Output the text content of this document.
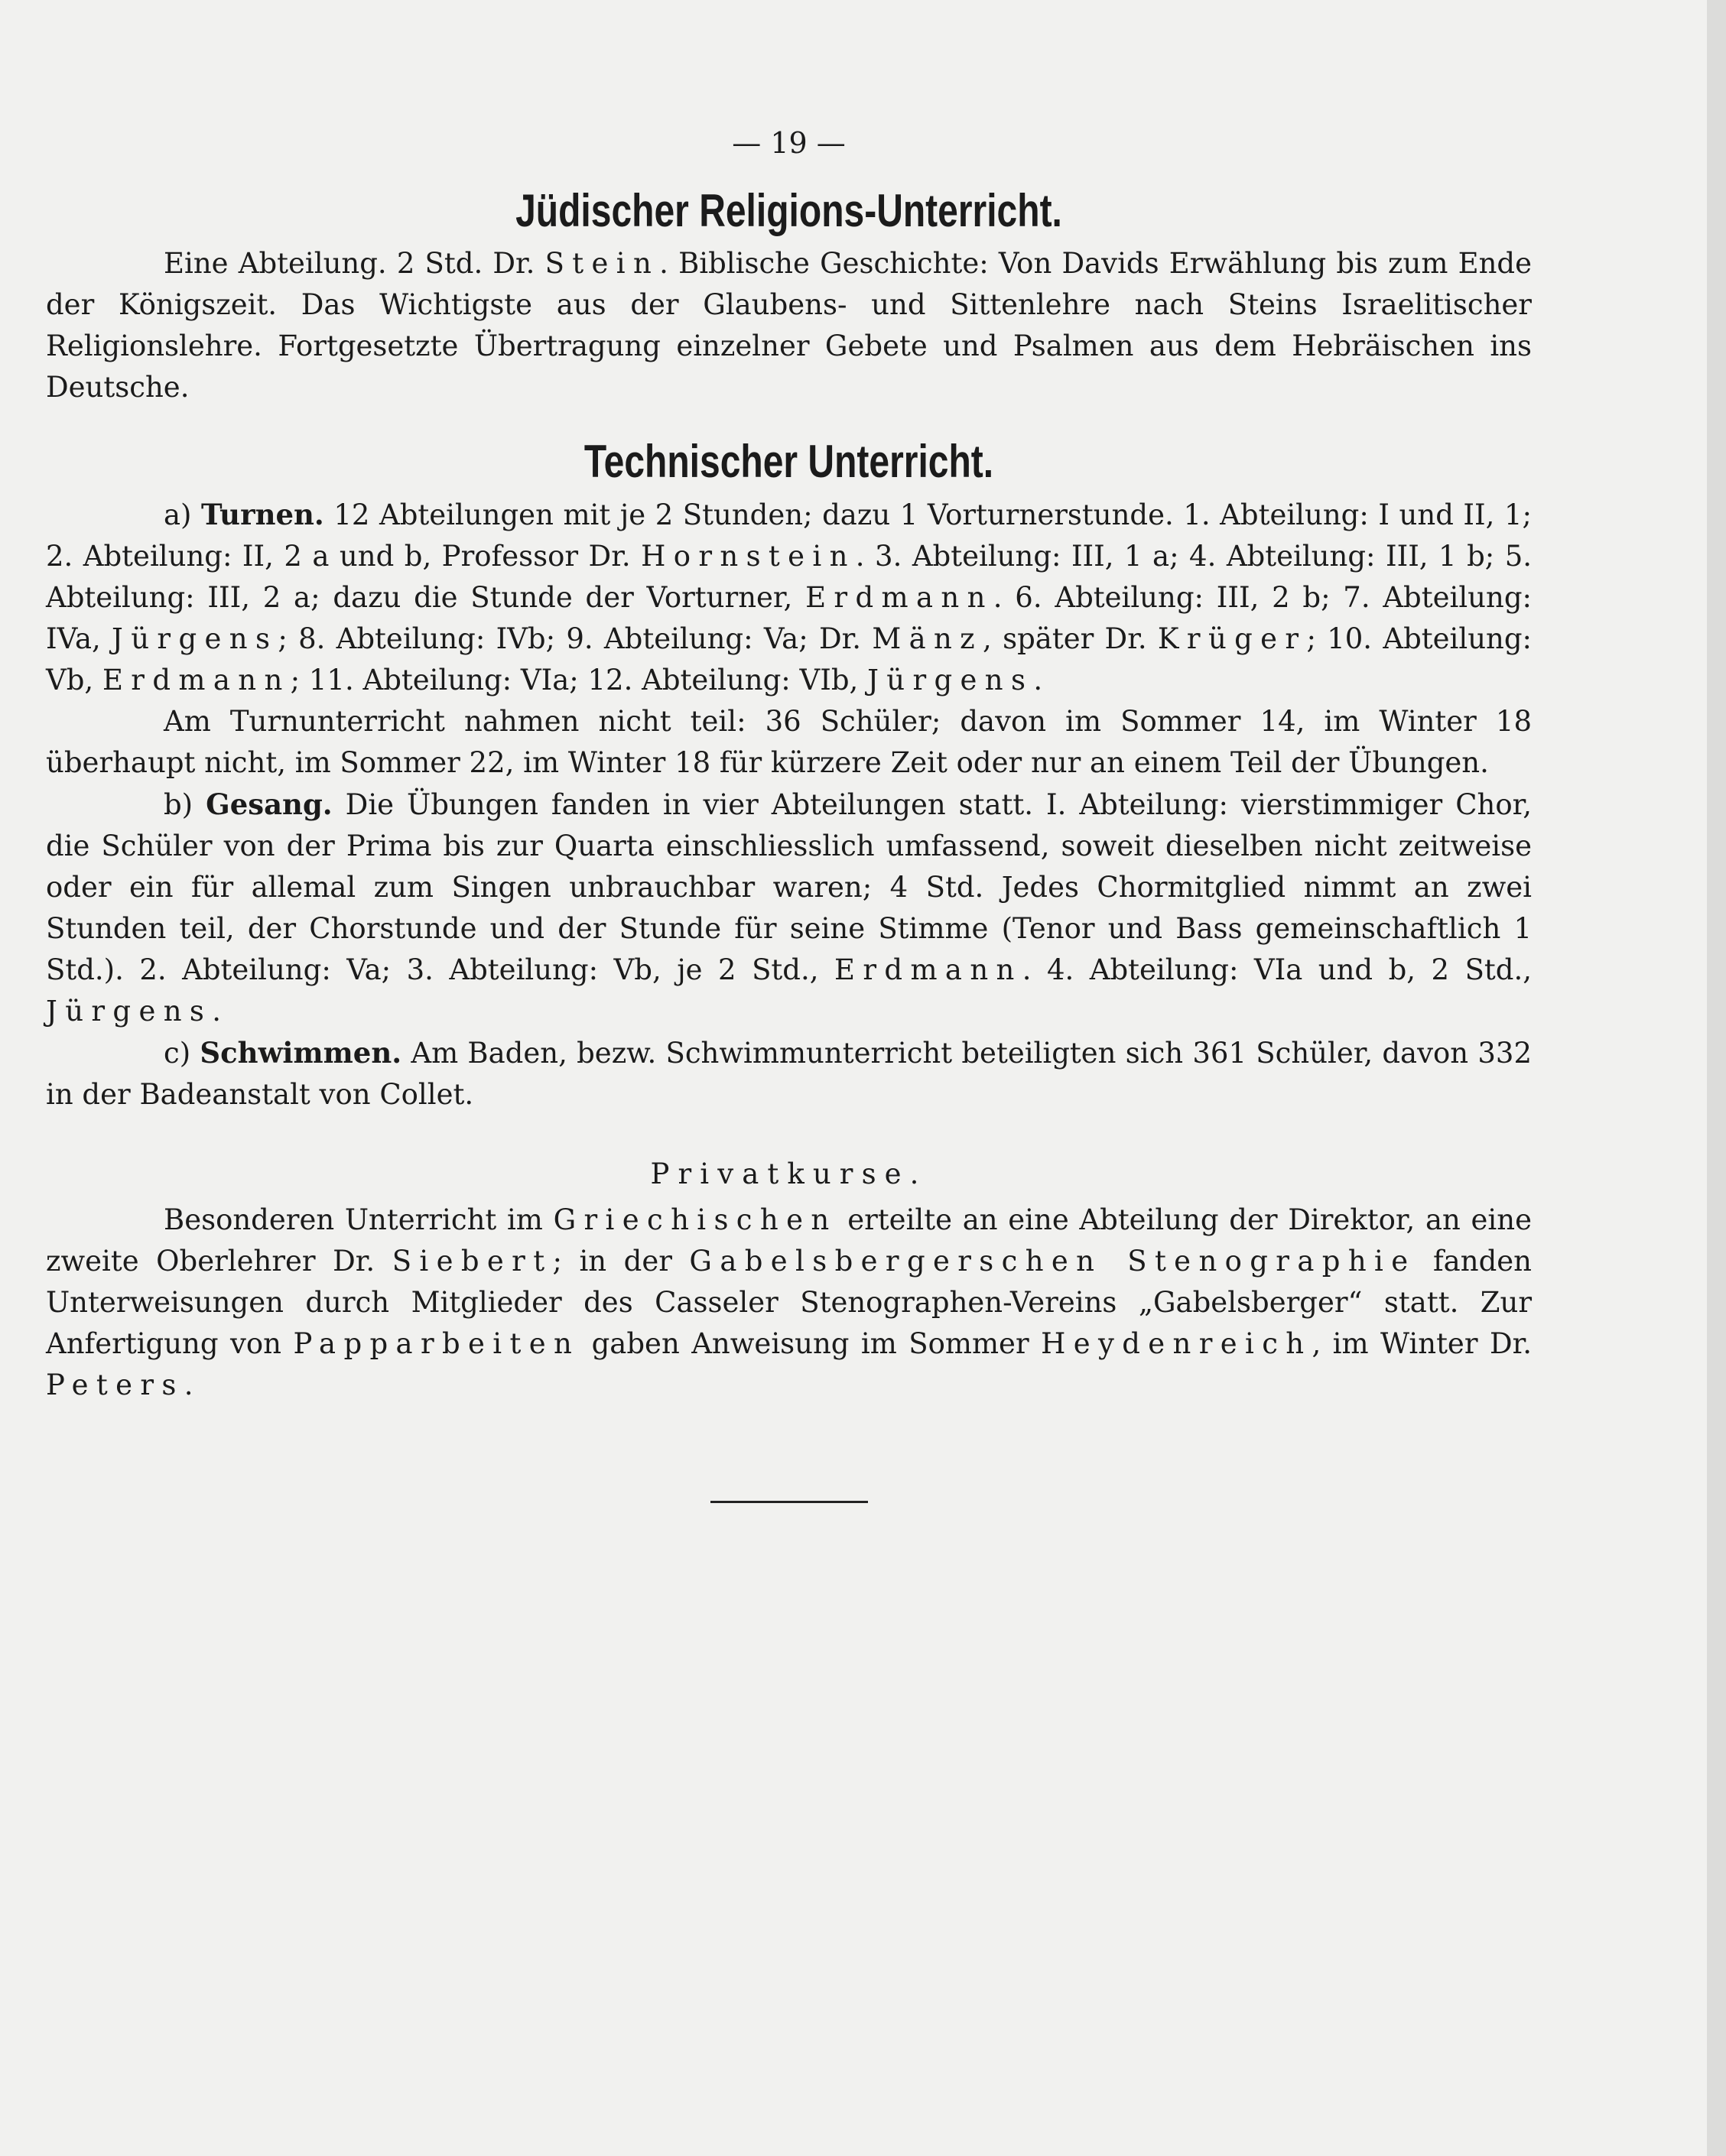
— 19 —
Jüdischer Religions-Unterricht.

Eine Abteilung. 2 Std. Dr. Stein. Biblische Geschichte: Von Davids Erwählung bis zum Ende der Königszeit. Das Wichtigste aus der Glaubens- und Sittenlehre nach Steins Israelitischer Religionslehre. Fortgesetzte Übertragung einzelner Gebete und Psalmen aus dem Hebräischen ins Deutsche.

Technischer Unterricht.

a) Turnen. 12 Abteilungen mit je 2 Stunden; dazu 1 Vorturnerstunde. 1. Abteilung: I und II, 1; 2. Abteilung: II, 2 a und b, Professor Dr. Hornstein. 3. Abteilung: III, 1 a; 4. Abteilung: III, 1 b; 5. Abteilung: III, 2 a; dazu die Stunde der Vorturner, Erdmann. 6. Abteilung: III, 2 b; 7. Abteilung: IVa, Jürgens; 8. Abteilung: IVb; 9. Abteilung: Va; Dr. Mänz, später Dr. Krüger; 10. Abteilung: Vb, Erdmann; 11. Abteilung: VIa; 12. Abteilung: VIb, Jürgens.

Am Turnunterricht nahmen nicht teil: 36 Schüler; davon im Sommer 14, im Winter 18 überhaupt nicht, im Sommer 22, im Winter 18 für kürzere Zeit oder nur an einem Teil der Übungen.

b) Gesang. Die Übungen fanden in vier Abteilungen statt. I. Abteilung: vierstimmiger Chor, die Schüler von der Prima bis zur Quarta einschliesslich umfassend, soweit dieselben nicht zeitweise oder ein für allemal zum Singen unbrauchbar waren; 4 Std. Jedes Chormitglied nimmt an zwei Stunden teil, der Chorstunde und der Stunde für seine Stimme (Tenor und Bass gemeinschaftlich 1 Std.). 2. Abteilung: Va; 3. Abteilung: Vb, je 2 Std., Erdmann. 4. Abteilung: VIa und b, 2 Std., Jürgens.

c) Schwimmen. Am Baden, bezw. Schwimmunterricht beteiligten sich 361 Schüler, davon 332 in der Badeanstalt von Collet.

Privatkurse.

Besonderen Unterricht im Griechischen erteilte an eine Abteilung der Direktor, an eine zweite Oberlehrer Dr. Siebert; in der Gabelsbergerschen Stenographie fanden Unterweisungen durch Mitglieder des Casseler Stenographen-Vereins „Gabelsberger“ statt. Zur Anfertigung von Papparbeiten gaben Anweisung im Sommer Heydenreich, im Winter Dr. Peters.
